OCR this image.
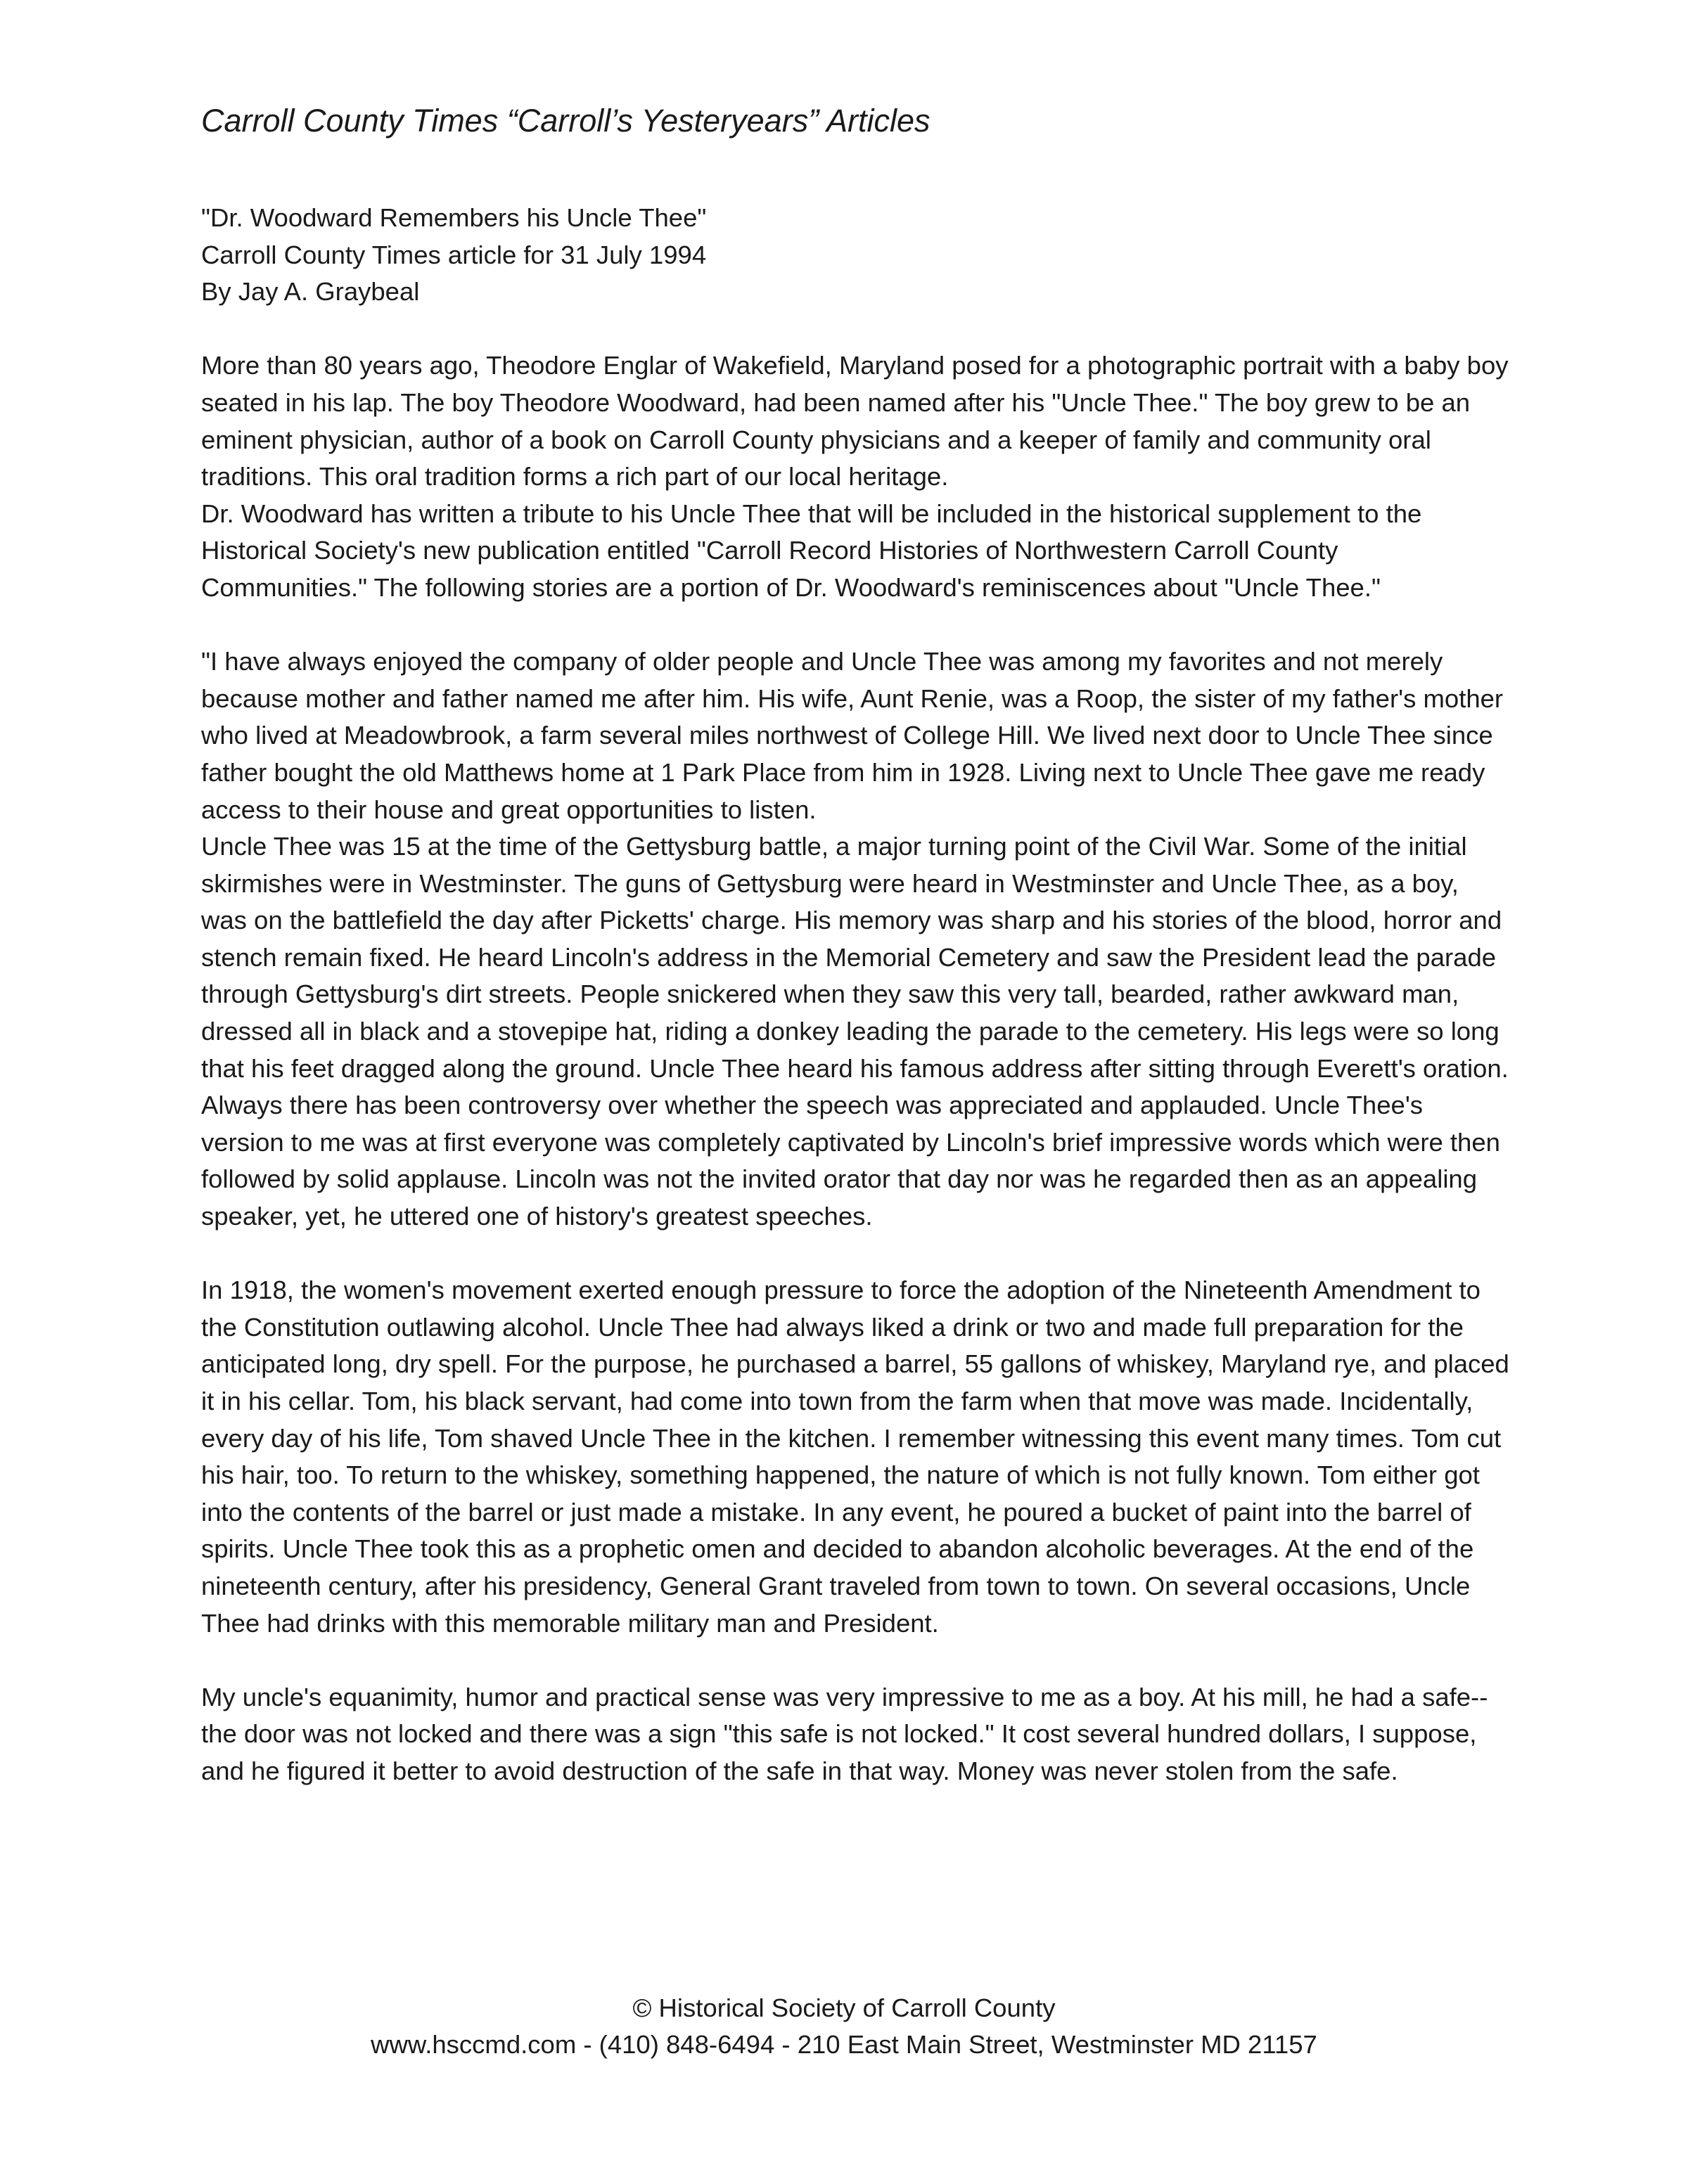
Carroll County Times “Carroll’s Yesteryears” Articles
"Dr. Woodward Remembers his Uncle Thee"
Carroll County Times article for 31 July 1994
By Jay A. Graybeal

More than 80 years ago, Theodore Englar of Wakefield, Maryland posed for a photographic portrait with a baby boy seated in his lap. The boy Theodore Woodward, had been named after his "Uncle Thee." The boy grew to be an eminent physician, author of a book on Carroll County physicians and a keeper of family and community oral traditions. This oral tradition forms a rich part of our local heritage.

Dr. Woodward has written a tribute to his Uncle Thee that will be included in the historical supplement to the Historical Society's new publication entitled "Carroll Record Histories of Northwestern Carroll County Communities." The following stories are a portion of Dr. Woodward's reminiscences about "Uncle Thee."

"I have always enjoyed the company of older people and Uncle Thee was among my favorites and not merely because mother and father named me after him. His wife, Aunt Renie, was a Roop, the sister of my father's mother who lived at Meadowbrook, a farm several miles northwest of College Hill. We lived next door to Uncle Thee since father bought the old Matthews home at 1 Park Place from him in 1928. Living next to Uncle Thee gave me ready access to their house and great opportunities to listen.

Uncle Thee was 15 at the time of the Gettysburg battle, a major turning point of the Civil War. Some of the initial skirmishes were in Westminster. The guns of Gettysburg were heard in Westminster and Uncle Thee, as a boy, was on the battlefield the day after Picketts' charge. His memory was sharp and his stories of the blood, horror and stench remain fixed. He heard Lincoln's address in the Memorial Cemetery and saw the President lead the parade through Gettysburg's dirt streets. People snickered when they saw this very tall, bearded, rather awkward man, dressed all in black and a stovepipe hat, riding a donkey leading the parade to the cemetery. His legs were so long that his feet dragged along the ground. Uncle Thee heard his famous address after sitting through Everett's oration. Always there has been controversy over whether the speech was appreciated and applauded. Uncle Thee's version to me was at first everyone was completely captivated by Lincoln's brief impressive words which were then followed by solid applause. Lincoln was not the invited orator that day nor was he regarded then as an appealing speaker, yet, he uttered one of history's greatest speeches.

In 1918, the women's movement exerted enough pressure to force the adoption of the Nineteenth Amendment to the Constitution outlawing alcohol. Uncle Thee had always liked a drink or two and made full preparation for the anticipated long, dry spell. For the purpose, he purchased a barrel, 55 gallons of whiskey, Maryland rye, and placed it in his cellar. Tom, his black servant, had come into town from the farm when that move was made. Incidentally, every day of his life, Tom shaved Uncle Thee in the kitchen. I remember witnessing this event many times. Tom cut his hair, too. To return to the whiskey, something happened, the nature of which is not fully known. Tom either got into the contents of the barrel or just made a mistake. In any event, he poured a bucket of paint into the barrel of spirits. Uncle Thee took this as a prophetic omen and decided to abandon alcoholic beverages. At the end of the nineteenth century, after his presidency, General Grant traveled from town to town. On several occasions, Uncle Thee had drinks with this memorable military man and President.

My uncle's equanimity, humor and practical sense was very impressive to me as a boy. At his mill, he had a safe--the door was not locked and there was a sign "this safe is not locked." It cost several hundred dollars, I suppose, and he figured it better to avoid destruction of the safe in that way. Money was never stolen from the safe.

© Historical Society of Carroll County
www.hsccmd.com - (410) 848-6494 - 210 East Main Street, Westminster MD 21157
